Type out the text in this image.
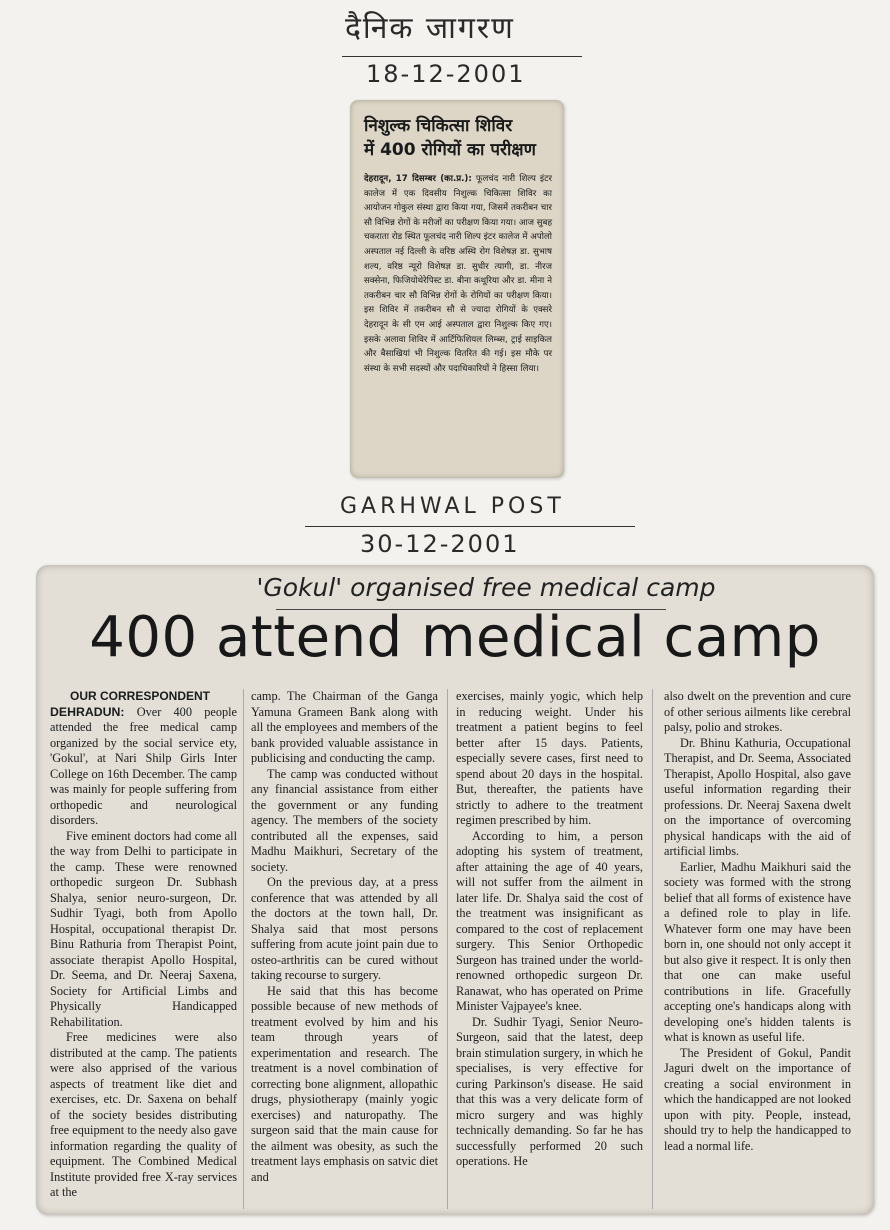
दैनिक जागरण
18-12-2001
निशुल्क चिकित्सा शिविर
में 400 रोगियों का परीक्षण
देहरादून, 17 दिसम्बर (का.प्र.): फूलचंद नारी शिल्प इंटर कालेज में एक दिवसीय निशुल्क चिकित्सा शिविर का आयोजन गोकुल संस्था द्वारा किया गया, जिसमें तकरीबन चार सौ विभिन्न रोगों के मरीजों का परीक्षण किया गया। आज सुबह चकराता रोड स्थित फूलचंद नारी शिल्प इंटर कालेज में अपोलो अस्पताल नई दिल्ली के वरिष्ठ अस्थि रोग विशेषज्ञ डा. सुभाष शल्य, वरिष्ठ न्यूरो विशेषज्ञ डा. सुधीर त्यागी, डा. नीरज सक्सेना, फिजियोथेरेपिस्ट डा. बीना कथूरिया और डा. मीना ने तकरीबन चार सौ विभिन्न रोगों के रोगियों का परीक्षण किया। इस शिविर में तकरीबन सौ से ज्यादा रोगियों के एक्सरे देहरादून के सी एम आई अस्पताल द्वारा निशुल्क किए गए। इसके अलावा शिविर में आर्टिफिशियल लिम्ब्स, ट्राई साइकिल और बैसाखियां भी निशुल्क वितरित की गई। इस मौके पर संस्था के सभी सदस्यों और पदाधिकारियों ने हिस्सा लिया।
GARHWAL POST
30-12-2001
'Gokul' organised free medical camp
400 attend medical camp
OUR CORRESPONDENT

DEHRADUN: Over 400 people attended the free medical camp organized by the social service ety, 'Gokul', at Nari Shilp Girls Inter College on 16th December. The camp was mainly for people suffering from orthopedic and neurological disorders.

Five eminent doctors had come all the way from Delhi to participate in the camp. These were renowned orthopedic surgeon Dr. Subhash Shalya, senior neuro-surgeon, Dr. Sudhir Tyagi, both from Apollo Hospital, occupational therapist Dr. Binu Rathuria from Therapist Point, associate therapist Apollo Hospital, Dr. Seema, and Dr. Neeraj Saxena, Society for Artificial Limbs and Physically Handicapped Rehabilitation.

Free medicines were also distributed at the camp. The patients were also apprised of the various aspects of treatment like diet and exercises, etc. Dr. Saxena on behalf of the society besides distributing free equipment to the needy also gave information regarding the quality of equipment. The Combined Medical Institute provided free X-ray services at the

camp. The Chairman of the Ganga Yamuna Grameen Bank along with all the employees and members of the bank provided valuable assistance in publicising and conducting the camp.

The camp was conducted without any financial assistance from either the government or any funding agency. The members of the society contributed all the expenses, said Madhu Maikhuri, Secretary of the society.

On the previous day, at a press conference that was attended by all the doctors at the town hall, Dr. Shalya said that most persons suffering from acute joint pain due to osteo-arthritis can be cured without taking recourse to surgery.

He said that this has become possible because of new methods of treatment evolved by him and his team through years of experimentation and research. The treatment is a novel combination of correcting bone alignment, allopathic drugs, physiotherapy (mainly yogic exercises) and naturopathy. The surgeon said that the main cause for the ailment was obesity, as such the treatment lays emphasis on satvic diet and

exercises, mainly yogic, which help in reducing weight. Under his treatment a patient begins to feel better after 15 days. Patients, especially severe cases, first need to spend about 20 days in the hospital. But, thereafter, the patients have strictly to adhere to the treatment regimen prescribed by him.

According to him, a person adopting his system of treatment, after attaining the age of 40 years, will not suffer from the ailment in later life. Dr. Shalya said the cost of the treatment was insignificant as compared to the cost of replacement surgery. This Senior Orthopedic Surgeon has trained under the world-renowned orthopedic surgeon Dr. Ranawat, who has operated on Prime Minister Vajpayee's knee.

Dr. Sudhir Tyagi, Senior Neuro-Surgeon, said that the latest, deep brain stimulation surgery, in which he specialises, is very effective for curing Parkinson's disease. He said that this was a very delicate form of micro surgery and was highly technically demanding. So far he has successfully performed 20 such operations. He

also dwelt on the prevention and cure of other serious ailments like cerebral palsy, polio and strokes.

Dr. Bhinu Kathuria, Occupational Therapist, and Dr. Seema, Associated Therapist, Apollo Hospital, also gave useful information regarding their professions. Dr. Neeraj Saxena dwelt on the importance of overcoming physical handicaps with the aid of artificial limbs.

Earlier, Madhu Maikhuri said the society was formed with the strong belief that all forms of existence have a defined role to play in life. Whatever form one may have been born in, one should not only accept it but also give it respect. It is only then that one can make useful contributions in life. Gracefully accepting one's handicaps along with developing one's hidden talents is what is known as useful life.

The President of Gokul, Pandit Jaguri dwelt on the importance of creating a social environment in which the handicapped are not looked upon with pity. People, instead, should try to help the handicapped to lead a normal life.
